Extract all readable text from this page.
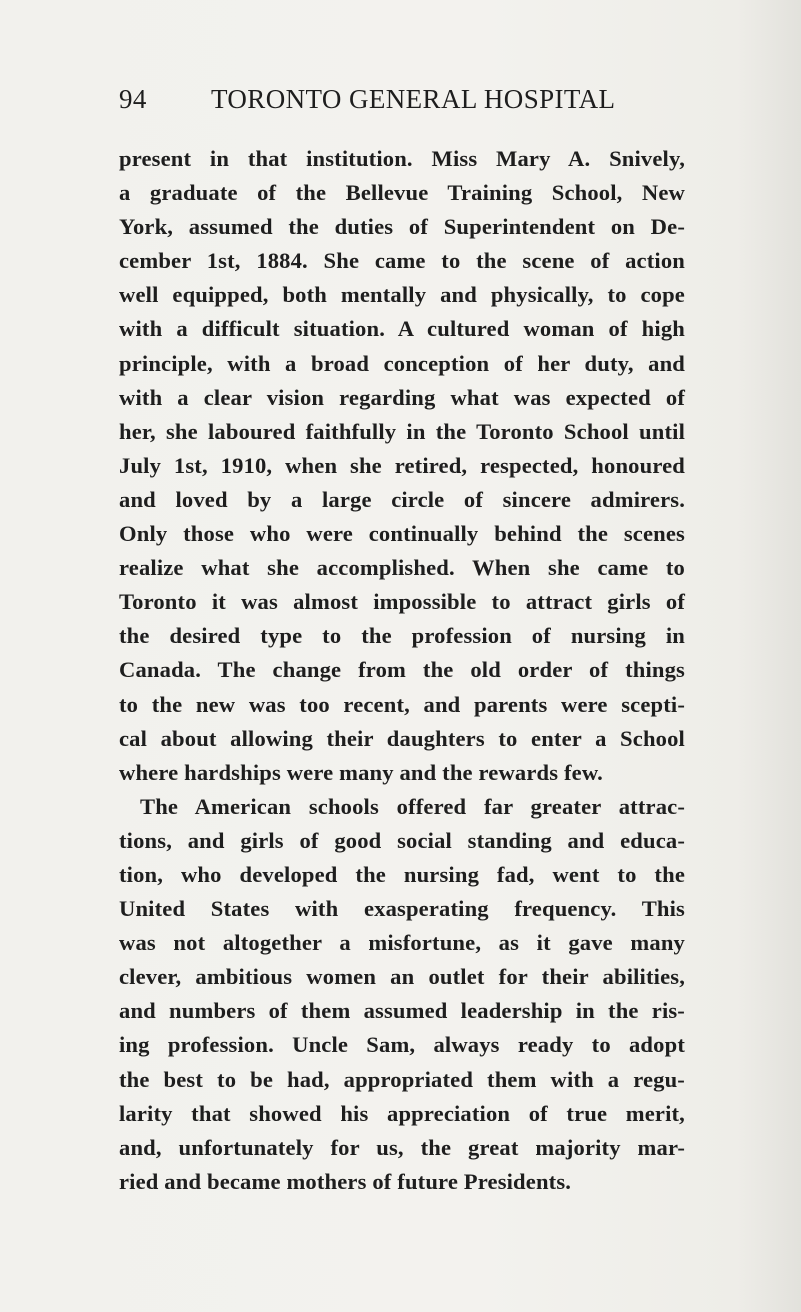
94 TORONTO GENERAL HOSPITAL
present in that institution. Miss Mary A. Snively,
a graduate of the Bellevue Training School, New
York, assumed the duties of Superintendent on De-
cember 1st, 1884. She came to the scene of action
well equipped, both mentally and physically, to cope
with a difficult situation. A cultured woman of high
principle, with a broad conception of her duty, and
with a clear vision regarding what was expected of
her, she laboured faithfully in the Toronto School until
July 1st, 1910, when she retired, respected, honoured
and loved by a large circle of sincere admirers.
Only those who were continually behind the scenes
realize what she accomplished. When she came to
Toronto it was almost impossible to attract girls of
the desired type to the profession of nursing in
Canada. The change from the old order of things
to the new was too recent, and parents were scepti-
cal about allowing their daughters to enter a School
where hardships were many and the rewards few.
The American schools offered far greater attrac-
tions, and girls of good social standing and educa-
tion, who developed the nursing fad, went to the
United States with exasperating frequency. This
was not altogether a misfortune, as it gave many
clever, ambitious women an outlet for their abilities,
and numbers of them assumed leadership in the ris-
ing profession. Uncle Sam, always ready to adopt
the best to be had, appropriated them with a regu-
larity that showed his appreciation of true merit,
and, unfortunately for us, the great majority mar-
ried and became mothers of future Presidents.
